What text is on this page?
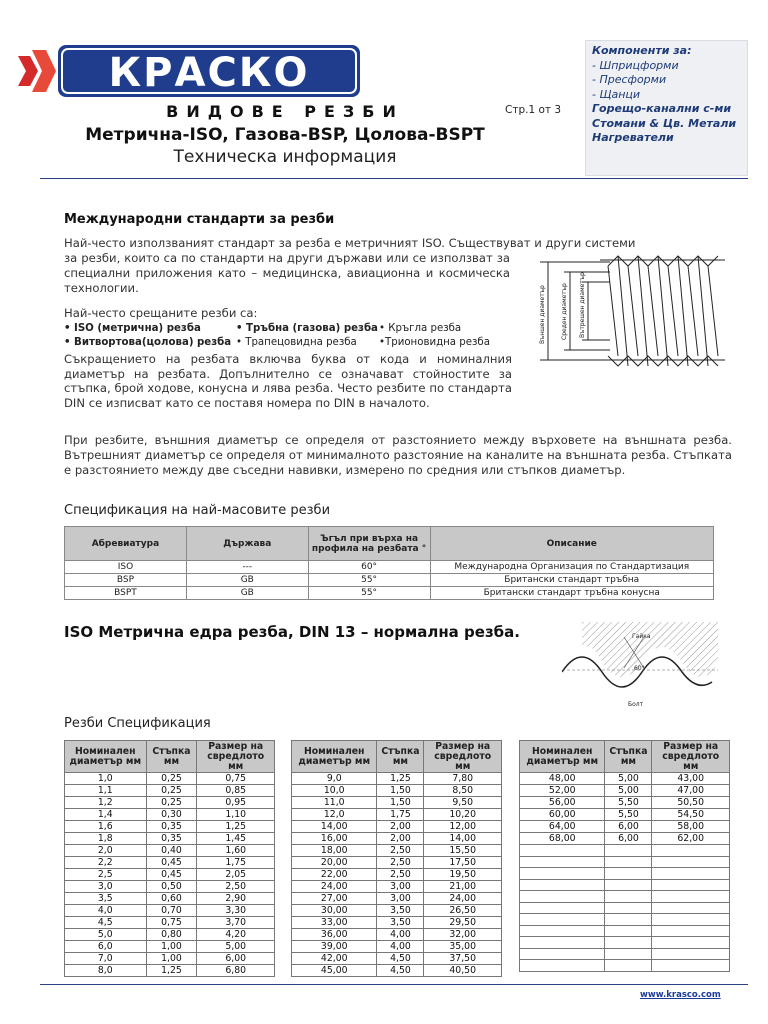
КРАСКО
ВИДОВЕ РЕЗБИ
Метрична-ISO, Газова-BSP, Цолова-BSPT
Техническа информация
Стр.1 от 3
Компоненти за:
- Шприцформи
- Пресформи
- Щанци
Горещо-канални с-ми
Стомани & Цв. Метали
Нагреватели
Международни стандарти за резби
Най-често използваният стандарт за резба е метричният ISO. Съществуват и други системи
за резби, които са по стандарти на други държави или се използват за специални приложения като – медицинска, авиационна и космическа технологии.
Най-често срещаните резби са:
• ISO (метрична) резба	• Тръбна (газова) резба • Кръгла резба
• Витвортова(цолова) резба • Трапецовидна резба	•Трионовидна резба
Съкращението на резбата включва буква от кода и номиналния диаметър на резбата. Допълнително се означават стойностите за стъпка, брой ходове, конусна и лява резба. Често резбите по стандарта DIN се изписват като се поставя номера по DIN в началото.
Външен диаметър	Среден диаметър Вътрешен диаметър
При резбите, външния диаметър се определя от разстоянието между върховете на външната резба. Вътрешният диаметър се определя от минималното разстояние на каналите на външната резба. Стъпката е разстоянието между две съседни навивки, измерено по средния или стъпков диаметър.
Спецификация на най-масовите резби
Абревиатура	Държава	Ъгъл при върха на профила на резбата °	Описание
ISO	---	60°	Международна Организация по Стандартизация
BSP	GB	55°	Британски стандарт тръбна
BSPT	GB	55°	Британски стандарт тръбна конусна
ISO Метрична едра резба, DIN 13 – нормална резба.	Гайка
60°
Болт
Резби Спецификация
Номинален диаметър мм	Стъпка мм	Размер на свредлото мм
1,0	0,25	0,75
1,1	0,25	0,85
1,2	0,25	0,95
1,4	0,30	1,10
1,6	0,35	1,25
1,8	0,35	1,45
2,0	0,40	1,60
2,2	0,45	1,75
2,5	0,45	2,05
3,0	0,50	2,50
3,5	0,60	2,90
4,0	0,70	3,30
4,5	0,75	3,70
5,0	0,80	4,20
6,0	1,00	5,00
7,0	1,00	6,00
8,0	1,25	6,80
Номинален диаметър мм	Стъпка мм	Размер на свредлото мм
9,0	1,25	7,80
10,0	1,50	8,50
11,0	1,50	9,50
12,0	1,75	10,20
14,00	2,00	12,00
16,00	2,00	14,00
18,00	2,50	15,50
20,00	2,50	17,50
22,00	2,50	19,50
24,00	3,00	21,00
27,00	3,00	24,00
30,00	3,50	26,50
33,00	3,50	29,50
36,00	4,00	32,00
39,00	4,00	35,00
42,00	4,50	37,50
45,00	4,50	40,50
Номинален диаметър мм	Стъпка мм	Размер на свредлото мм
48,00	5,00	43,00
52,00	5,00	47,00
56,00	5,50	50,50
60,00	5,50	54,50
64,00	6,00	58,00
68,00	6,00	62,00

www.krasco.com
